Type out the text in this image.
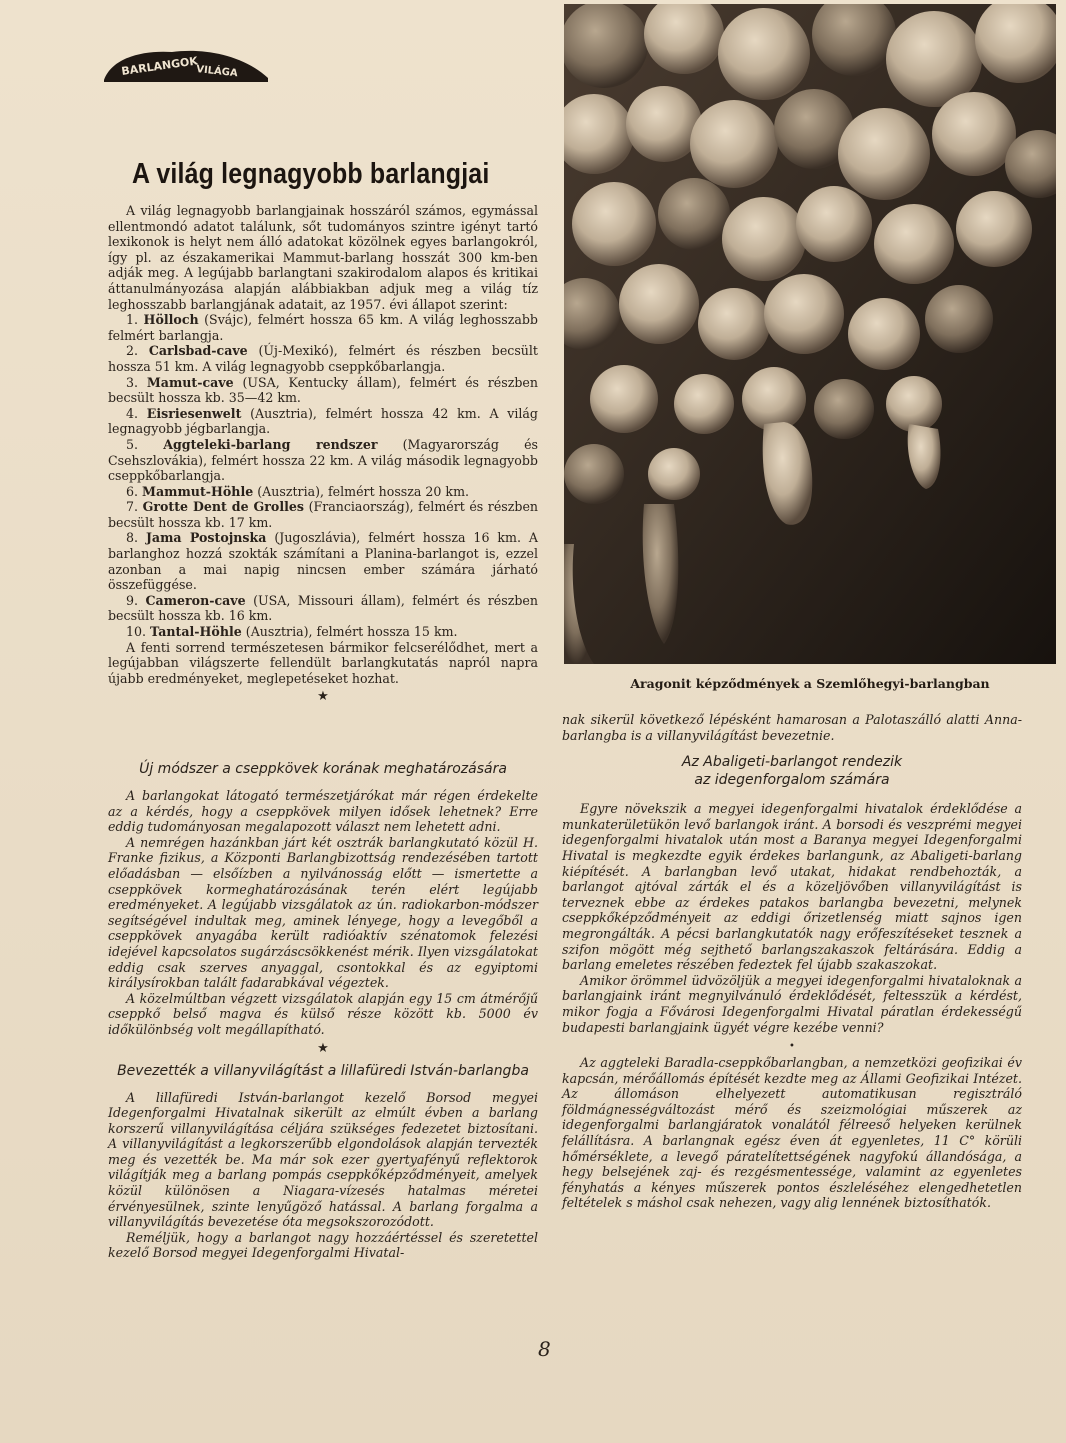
BARLANGOK
VILÁGA
A világ legnagyobb barlangjai

A világ legnagyobb barlangjainak hosszáról számos, egymással ellentmondó adatot találunk, sőt tudományos szintre igényt tartó lexikonok is helyt nem álló adatokat közölnek egyes barlangokról, így pl. az északamerikai Mammut-barlang hosszát 300 km-ben adják meg. A legújabb barlangtani szakirodalom alapos és kritikai áttanulmányozása alapján alábbiakban adjuk meg a világ tíz leghosszabb barlangjának adatait, az 1957. évi állapot szerint:

1. Hölloch (Svájc), felmért hossza 65 km. A világ leghosszabb felmért barlangja.

2. Carlsbad-cave (Új-Mexikó), felmért és részben becsült hossza 51 km. A világ legnagyobb cseppkőbarlangja.

3. Mamut-cave (USA, Kentucky állam), felmért és részben becsült hossza kb. 35—42 km.

4. Eisriesenwelt (Ausztria), felmért hossza 42 km. A világ legnagyobb jégbarlangja.

5. Aggteleki-barlang rendszer (Magyarország és Csehszlovákia), felmért hossza 22 km. A világ második legnagyobb cseppkőbarlangja.

6. Mammut-Höhle (Ausztria), felmért hossza 20 km.

7. Grotte Dent de Grolles (Franciaország), felmért és részben becsült hossza kb. 17 km.

8. Jama Postojnska (Jugoszlávia), felmért hossza 16 km. A barlanghoz hozzá szokták számítani a Planina-barlangot is, ezzel azonban a mai napig nincsen ember számára járható összefüggése.

9. Cameron-cave (USA, Missouri állam), felmért és részben becsült hossza kb. 16 km.

10. Tantal-Höhle (Ausztria), felmért hossza 15 km.

A fenti sorrend természetesen bármikor felcserélődhet, mert a legújabban világszerte fellendült barlangkutatás napról napra újabb eredményeket, meglepetéseket hozhat.

★
Új módszer a cseppkövek korának meghatározására

A barlangokat látogató természetjárókat már régen érdekelte az a kérdés, hogy a cseppkövek milyen idősek lehetnek? Erre eddig tudományosan megalapozott választ nem lehetett adni.

A nemrégen hazánkban járt két osztrák barlangkutató közül H. Franke fizikus, a Központi Barlangbizottság rendezésében tartott előadásban — elsőízben a nyilvánosság előtt — ismertette a cseppkövek kormeghatározásának terén elért legújabb eredményeket. A legújabb vizsgálatok az ún. radiokarbon-módszer segítségével indultak meg, aminek lényege, hogy a levegőből a cseppkövek anyagába került radióaktív szénatomok felezési idejével kapcsolatos sugárzáscsökkenést mérik. Ilyen vizsgálatokat eddig csak szerves anyaggal, csontokkal és az egyiptomi királysírokban talált fadarabkával végeztek.

A közelmúltban végzett vizsgálatok alapján egy 15 cm átmérőjű cseppkő belső magva és külső része között kb. 5000 év időkülönbség volt megállapítható.

★
Bevezették a villanyvilágítást a lillafüredi István-barlangba

A lillafüredi István-barlangot kezelő Borsod megyei Idegenforgalmi Hivatalnak sikerült az elmúlt évben a barlang korszerű villanyvilágítása céljára szükséges fedezetet biztosítani. A villanyvilágítást a legkorszerűbb elgondolások alapján tervezték meg és vezették be. Ma már sok ezer gyertyafényű reflektorok világítják meg a barlang pompás cseppkőképződményeit, amelyek közül különösen a Niagara-vízesés hatalmas méretei érvényesülnek, szinte lenyűgöző hatással. A barlang forgalma a villanyvilágítás bevezetése óta megsokszorozódott.

Reméljük, hogy a barlangot nagy hozzáértéssel és szeretettel kezelő Borsod megyei Idegenforgalmi Hivatal-

Aragonit képződmények a Szemlőhegyi-barlangban

nak sikerül következő lépésként hamarosan a Palotaszálló alatti Anna-barlangba is a villanyvilágítást bevezetnie.

Az Abaligeti-barlangot rendezik
az idegenforgalom számára

Egyre növekszik a megyei idegenforgalmi hivatalok érdeklődése a munkaterületükön levő barlangok iránt. A borsodi és veszprémi megyei idegenforgalmi hivatalok után most a Baranya megyei Idegenforgalmi Hivatal is megkezdte egyik érdekes barlangunk, az Abaligeti-barlang kiépítését. A barlangban levő utakat, hidakat rendbehozták, a barlangot ajtóval zárták el és a közeljövőben villanyvilágítást is terveznek ebbe az érdekes patakos barlangba bevezetni, melynek cseppkőképződményeit az eddigi őrizetlenség miatt sajnos igen megrongálták. A pécsi barlangkutatók nagy erőfeszítéseket tesznek a szifon mögött még sejthető barlangszakaszok feltárására. Eddig a barlang emeletes részében fedeztek fel újabb szakaszokat.

Amikor örömmel üdvözöljük a megyei idegenforgalmi hivataloknak a barlangjaink iránt megnyilvánuló érdeklődését, feltesszük a kérdést, mikor fogja a Fővárosi Idegenforgalmi Hivatal páratlan érdekességű budapesti barlangjaink ügyét végre kezébe venni?

•

Az aggteleki Baradla-cseppkőbarlangban, a nemzetközi geofizikai év kapcsán, mérőállomás építését kezdte meg az Állami Geofizikai Intézet. Az állomáson elhelyezett automatikusan regisztráló földmágnességváltozást mérő és szeizmológiai műszerek az idegenforgalmi barlangjáratok vonalától félreeső helyeken kerülnek felállításra. A barlangnak egész éven át egyenletes, 11 C° körüli hőmérséklete, a levegő páratelítettségének nagyfokú állandósága, a hegy belsejének zaj- és rezgésmentessége, valamint az egyenletes fényhatás a kényes műszerek pontos észleléséhez elengedhetetlen feltételek s máshol csak nehezen, vagy alig lennének biztosíthatók.

8
